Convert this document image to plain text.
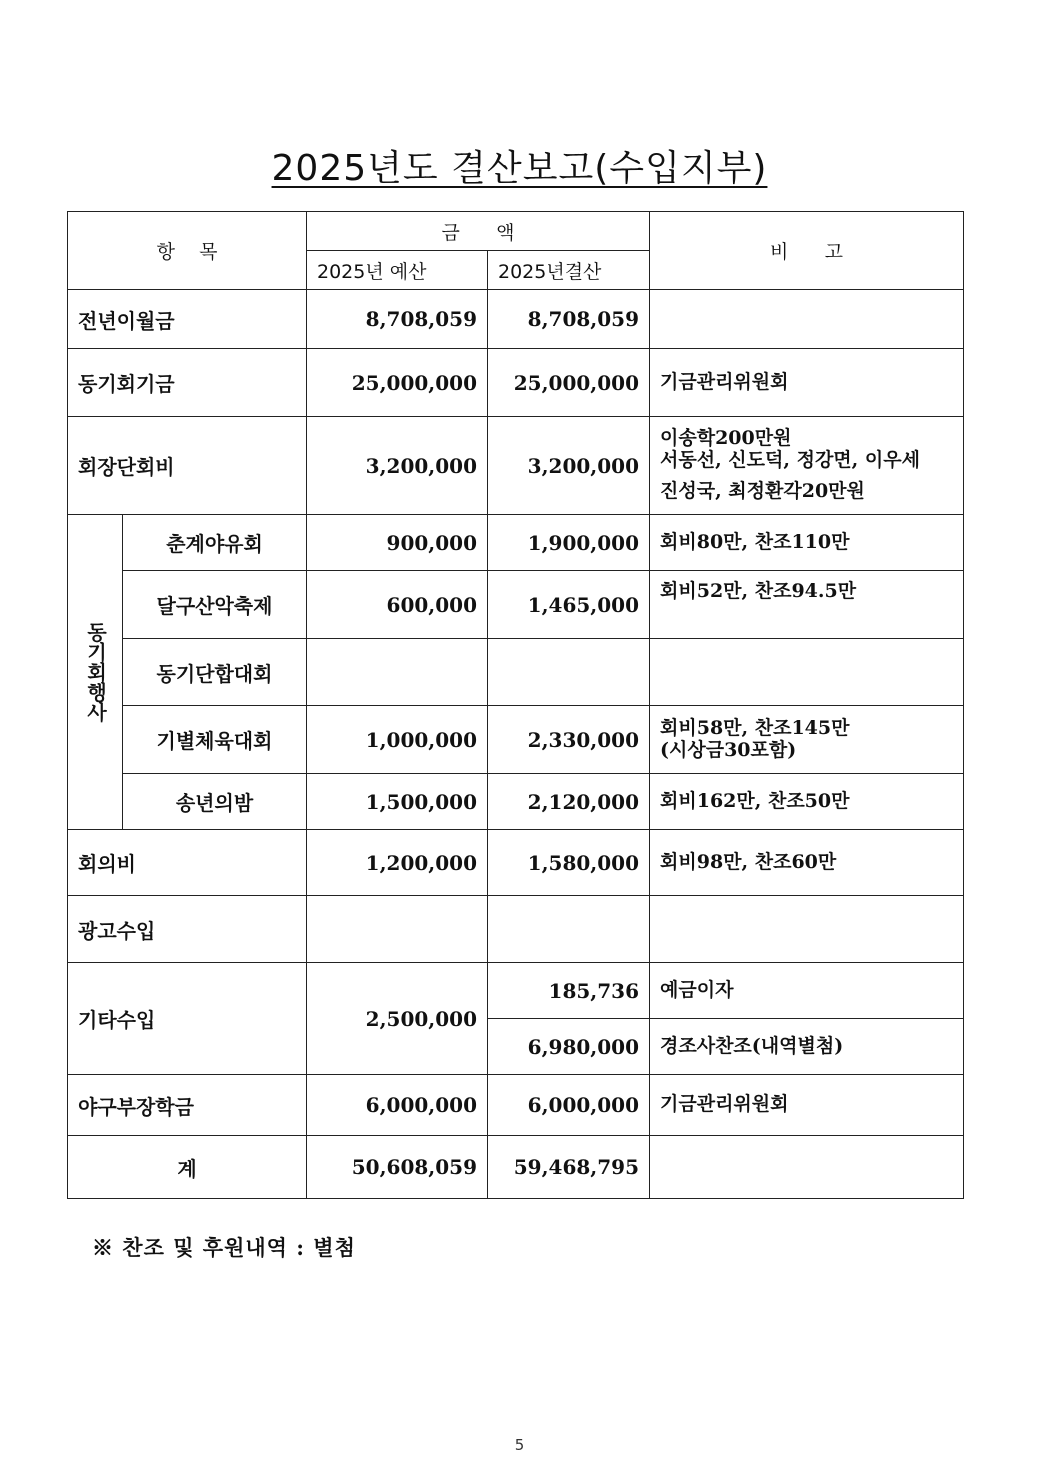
2025년도 결산보고(수입지부)
항    목		금      액		비      고
		2025년 예산	2025년결산	
전년이월금		8,708,059	8,708,059	
동기회기금		25,000,000	25,000,000	기금관리위원회
회장단회비		3,200,000	3,200,000	이송학200만원
서동선, 신도덕, 정강면, 이우세
진성국, 최정환각20만원

동기회행사	춘계야유회	900,000	1,900,000	회비80만, 찬조110만
	달구산악축제	600,000	1,465,000	회비52만, 찬조94.5만
	동기단합대회			
	기별체육대회	1,000,000	2,330,000	회비58만, 찬조145만
(시상금30포함)

	송년의밤	1,500,000	2,120,000	회비162만, 찬조50만
회의비		1,200,000	1,580,000	회비98만, 찬조60만
광고수입				
기타수입		2,500,000	185,736	예금이자
			6,980,000	경조사찬조(내역별첨)
야구부장학금		6,000,000	6,000,000	기금관리위원회
계		50,608,059	59,468,795	
※ 찬조 및 후원내역 : 별첨
5
